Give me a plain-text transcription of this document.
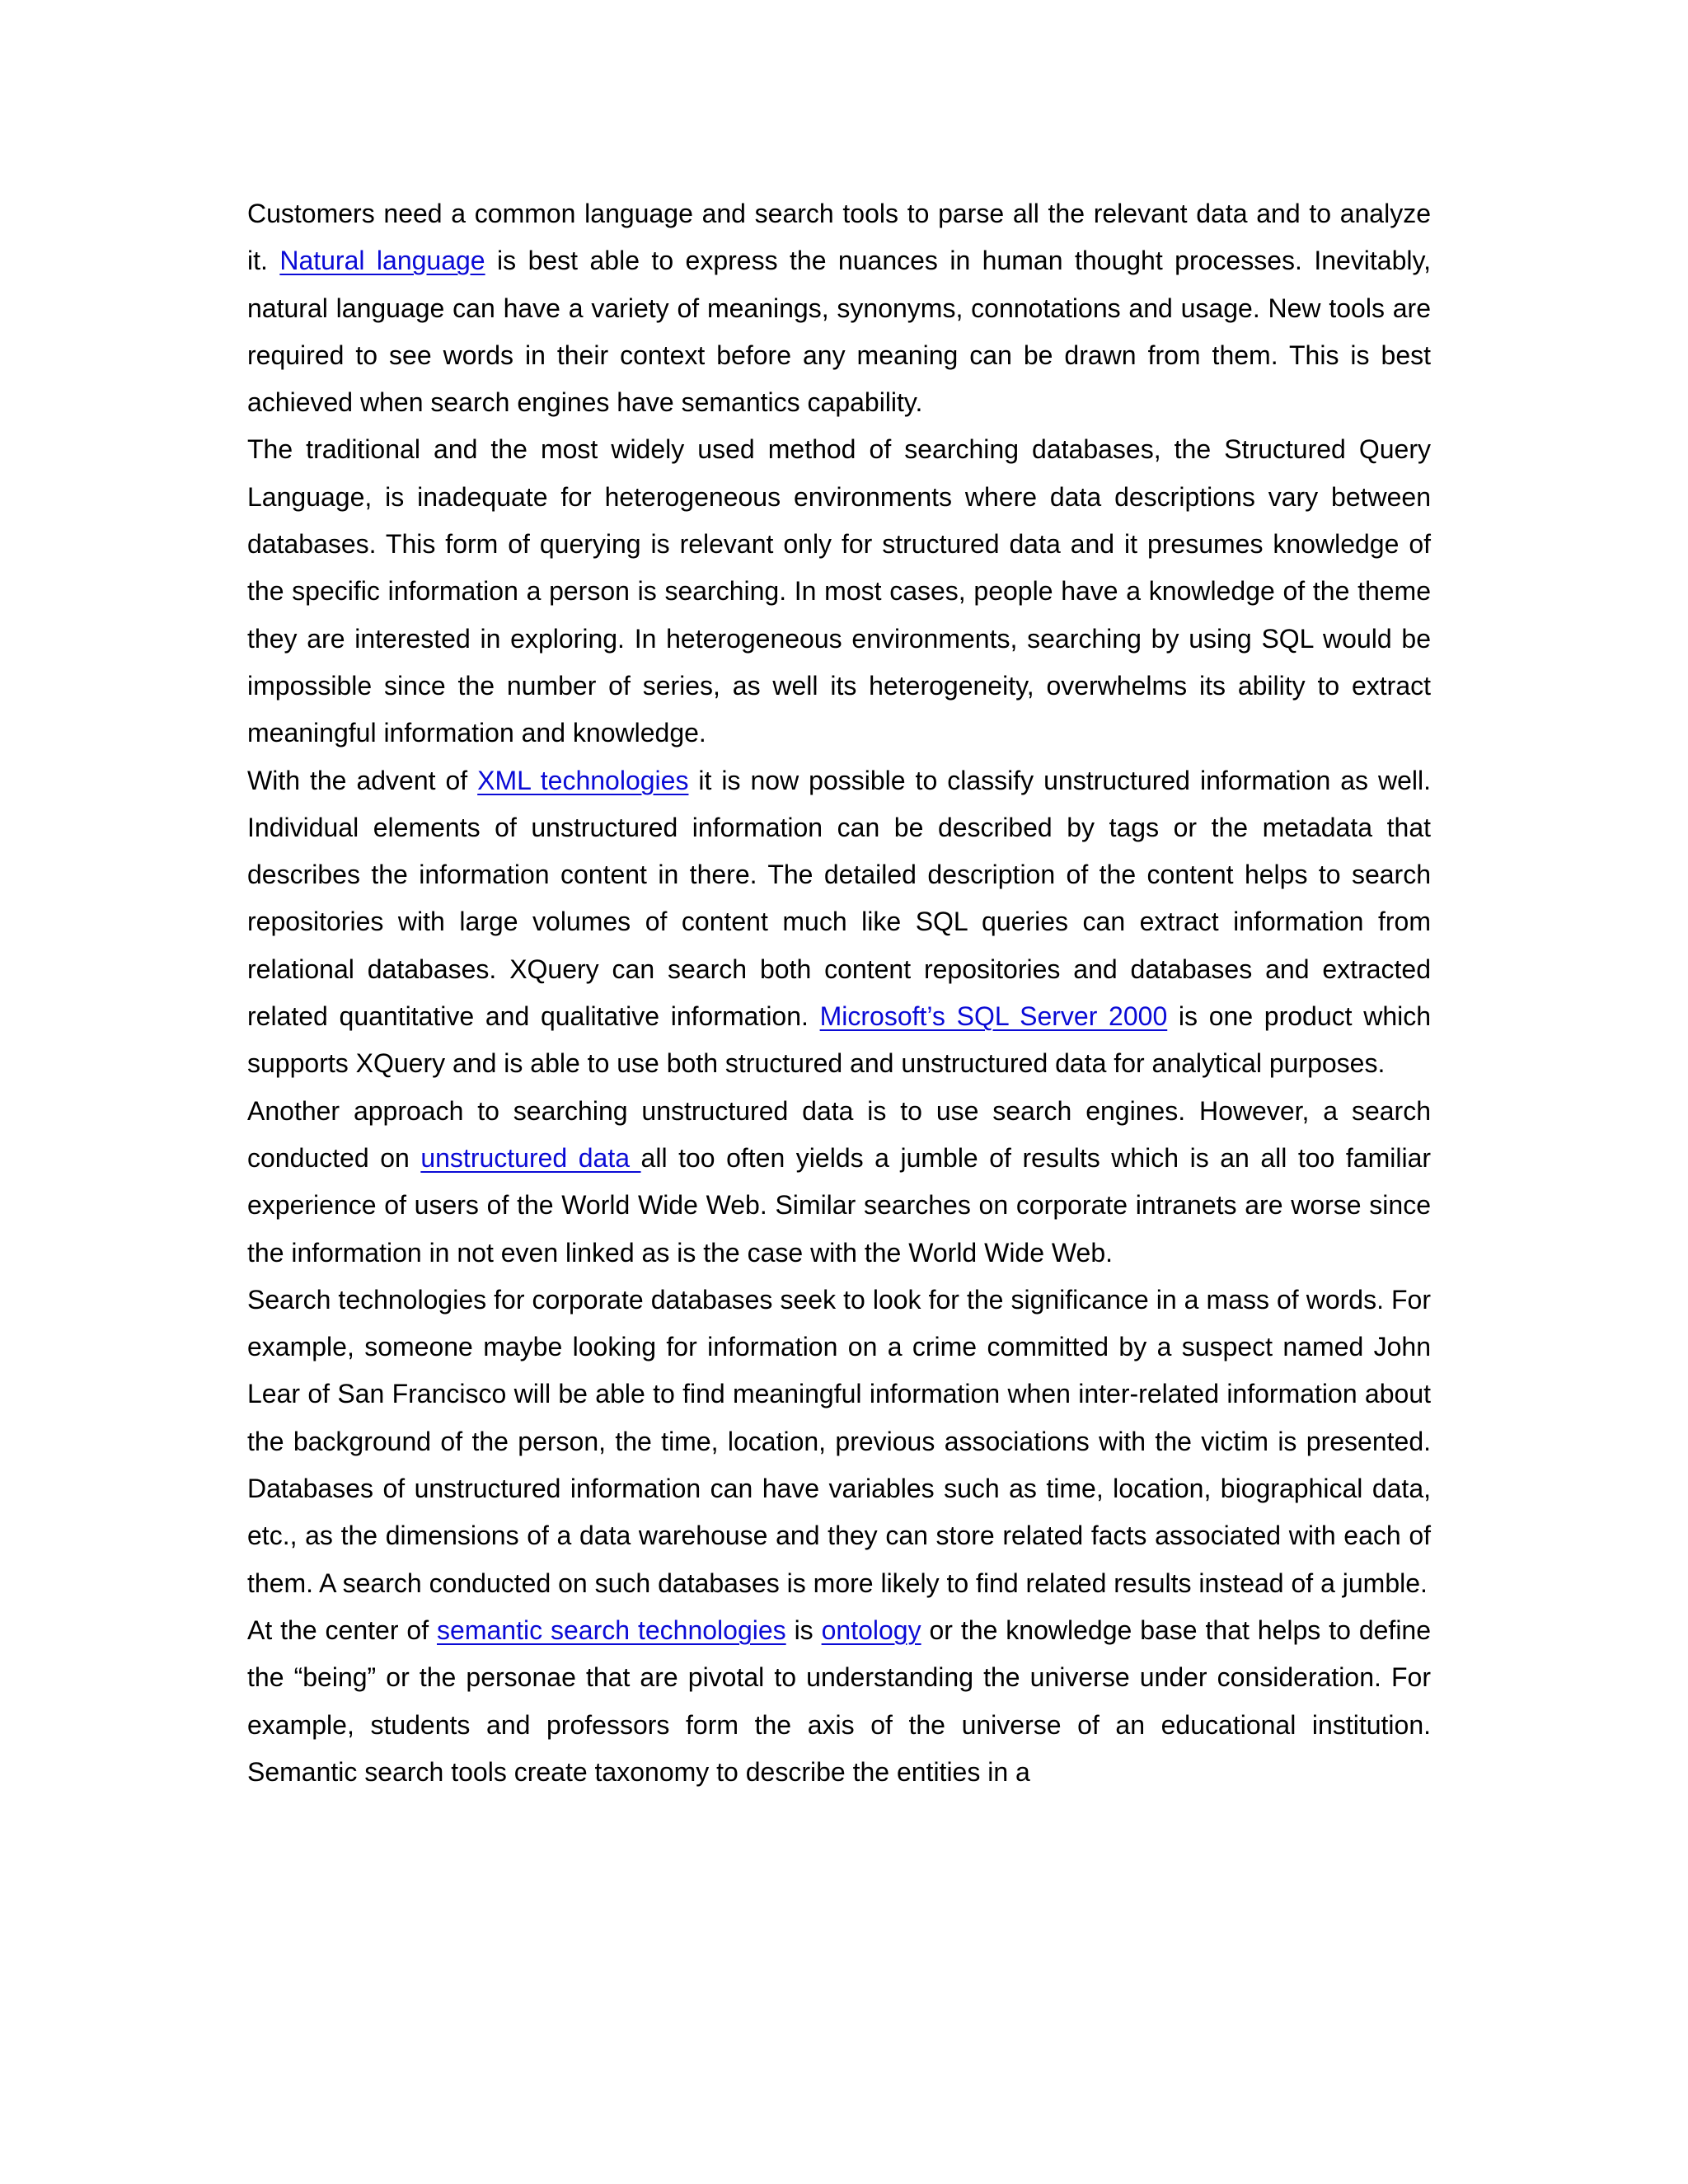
Customers need a common language and search tools to parse all the relevant data and to analyze it. Natural language is best able to express the nuances in human thought processes. Inevitably, natural language can have a variety of meanings, synonyms, connotations and usage. New tools are required to see words in their context before any meaning can be drawn from them. This is best achieved when search engines have semantics capability.

The traditional and the most widely used method of searching databases, the Structured Query Language, is inadequate for heterogeneous environments where data descriptions vary between databases. This form of querying is relevant only for structured data and it presumes knowledge of the specific information a person is searching. In most cases, people have a knowledge of the theme they are interested in exploring. In heterogeneous environments, searching by using SQL would be impossible since the number of series, as well its heterogeneity, overwhelms its ability to extract meaningful information and knowledge.

With the advent of XML technologies it is now possible to classify unstructured information as well. Individual elements of unstructured information can be described by tags or the metadata that describes the information content in there. The detailed description of the content helps to search repositories with large volumes of content much like SQL queries can extract information from relational databases. XQuery can search both content repositories and databases and extracted related quantitative and qualitative information. Microsoft’s SQL Server 2000 is one product which supports XQuery and is able to use both structured and unstructured data for analytical purposes.

Another approach to searching unstructured data is to use search engines. However, a search conducted on unstructured data all too often yields a jumble of results which is an all too familiar experience of users of the World Wide Web. Similar searches on corporate intranets are worse since the information in not even linked as is the case with the World Wide Web.

Search technologies for corporate databases seek to look for the significance in a mass of words. For example, someone maybe looking for information on a crime committed by a suspect named John Lear of San Francisco will be able to find meaningful information when inter-related information about the background of the person, the time, location, previous associations with the victim is presented. Databases of unstructured information can have variables such as time, location, biographical data, etc., as the dimensions of a data warehouse and they can store related facts associated with each of them. A search conducted on such databases is more likely to find related results instead of a jumble.

At the center of semantic search technologies is ontology or the knowledge base that helps to define the “being” or the personae that are pivotal to understanding the universe under consideration. For example, students and professors form the axis of the universe of an educational institution. Semantic search tools create taxonomy to describe the entities in a
